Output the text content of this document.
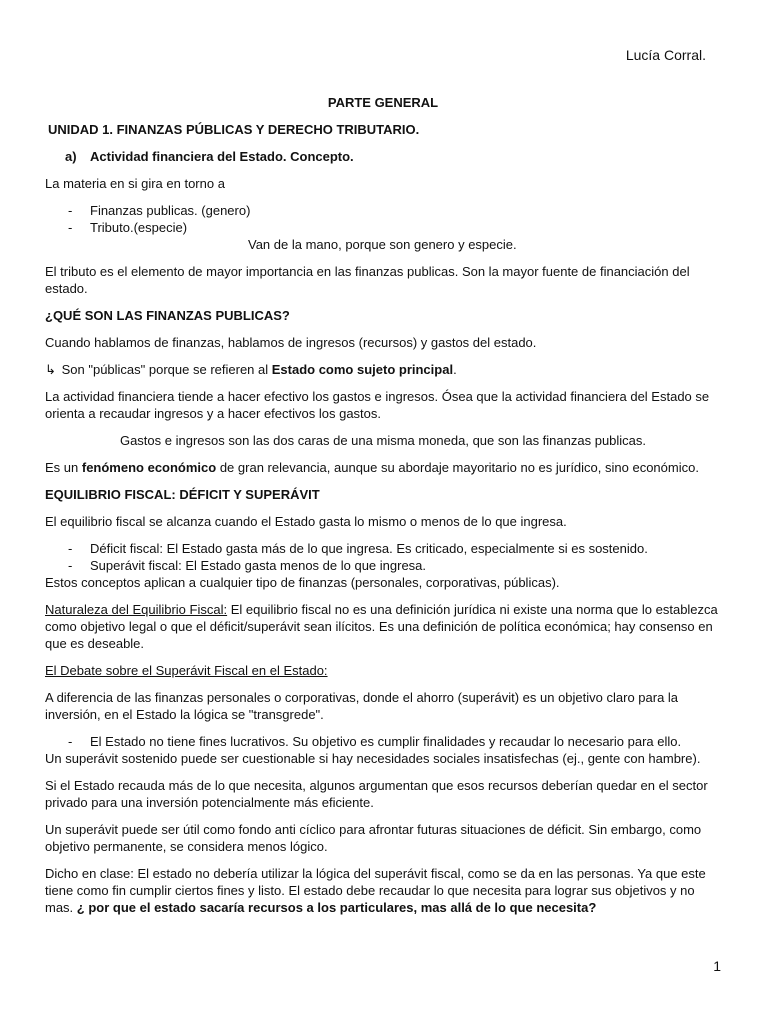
Lucía Corral.
PARTE GENERAL
UNIDAD 1. FINANZAS PÚBLICAS Y DERECHO TRIBUTARIO.
a)	Actividad financiera del Estado. Concepto.
La materia en si gira en torno a
-	Finanzas publicas. (genero)
-	Tributo.(especie)
Van de la mano, porque son genero y especie.
El tributo es el elemento de mayor importancia en las finanzas publicas. Son la mayor fuente de financiación del estado.
¿QUÉ SON LAS FINANZAS PUBLICAS?
Cuando hablamos de finanzas, hablamos de ingresos (recursos) y gastos del estado.
↳ Son "públicas" porque se refieren al Estado como sujeto principal.
La actividad financiera tiende a hacer efectivo los gastos e ingresos. Ósea que la actividad financiera del Estado se orienta a recaudar ingresos y a hacer efectivos los gastos.
Gastos e ingresos son las dos caras de una misma moneda, que son las finanzas publicas.
Es un fenómeno económico de gran relevancia, aunque su abordaje mayoritario no es jurídico, sino económico.
EQUILIBRIO FISCAL: DÉFICIT Y SUPERÁVIT
El equilibrio fiscal se alcanza cuando el Estado gasta lo mismo o menos de lo que ingresa.
-	Déficit fiscal: El Estado gasta más de lo que ingresa. Es criticado, especialmente si es sostenido.
-	Superávit fiscal: El Estado gasta menos de lo que ingresa.
Estos conceptos aplican a cualquier tipo de finanzas (personales, corporativas, públicas).
Naturaleza del Equilibrio Fiscal: El equilibrio fiscal no es una definición jurídica ni existe una norma que lo establezca como objetivo legal o que el déficit/superávit sean ilícitos. Es una definición de política económica; hay consenso en que es deseable.
El Debate sobre el Superávit Fiscal en el Estado:
A diferencia de las finanzas personales o corporativas, donde el ahorro (superávit) es un objetivo claro para la inversión, en el Estado la lógica se "transgrede".
-	El Estado no tiene fines lucrativos. Su objetivo es cumplir finalidades y recaudar lo necesario para ello.
Un superávit sostenido puede ser cuestionable si hay necesidades sociales insatisfechas (ej., gente con hambre).
Si el Estado recauda más de lo que necesita, algunos argumentan que esos recursos deberían quedar en el sector privado para una inversión potencialmente más eficiente.
Un superávit puede ser útil como fondo anti cíclico para afrontar futuras situaciones de déficit. Sin embargo, como objetivo permanente, se considera menos lógico.
Dicho en clase: El estado no debería utilizar la lógica del superávit fiscal, como se da en las personas. Ya que este tiene como fin cumplir ciertos fines y listo. El estado debe recaudar lo que necesita para lograr sus objetivos y no mas. ¿ por que el estado sacaría recursos a los particulares, mas allá de lo que necesita?
1
